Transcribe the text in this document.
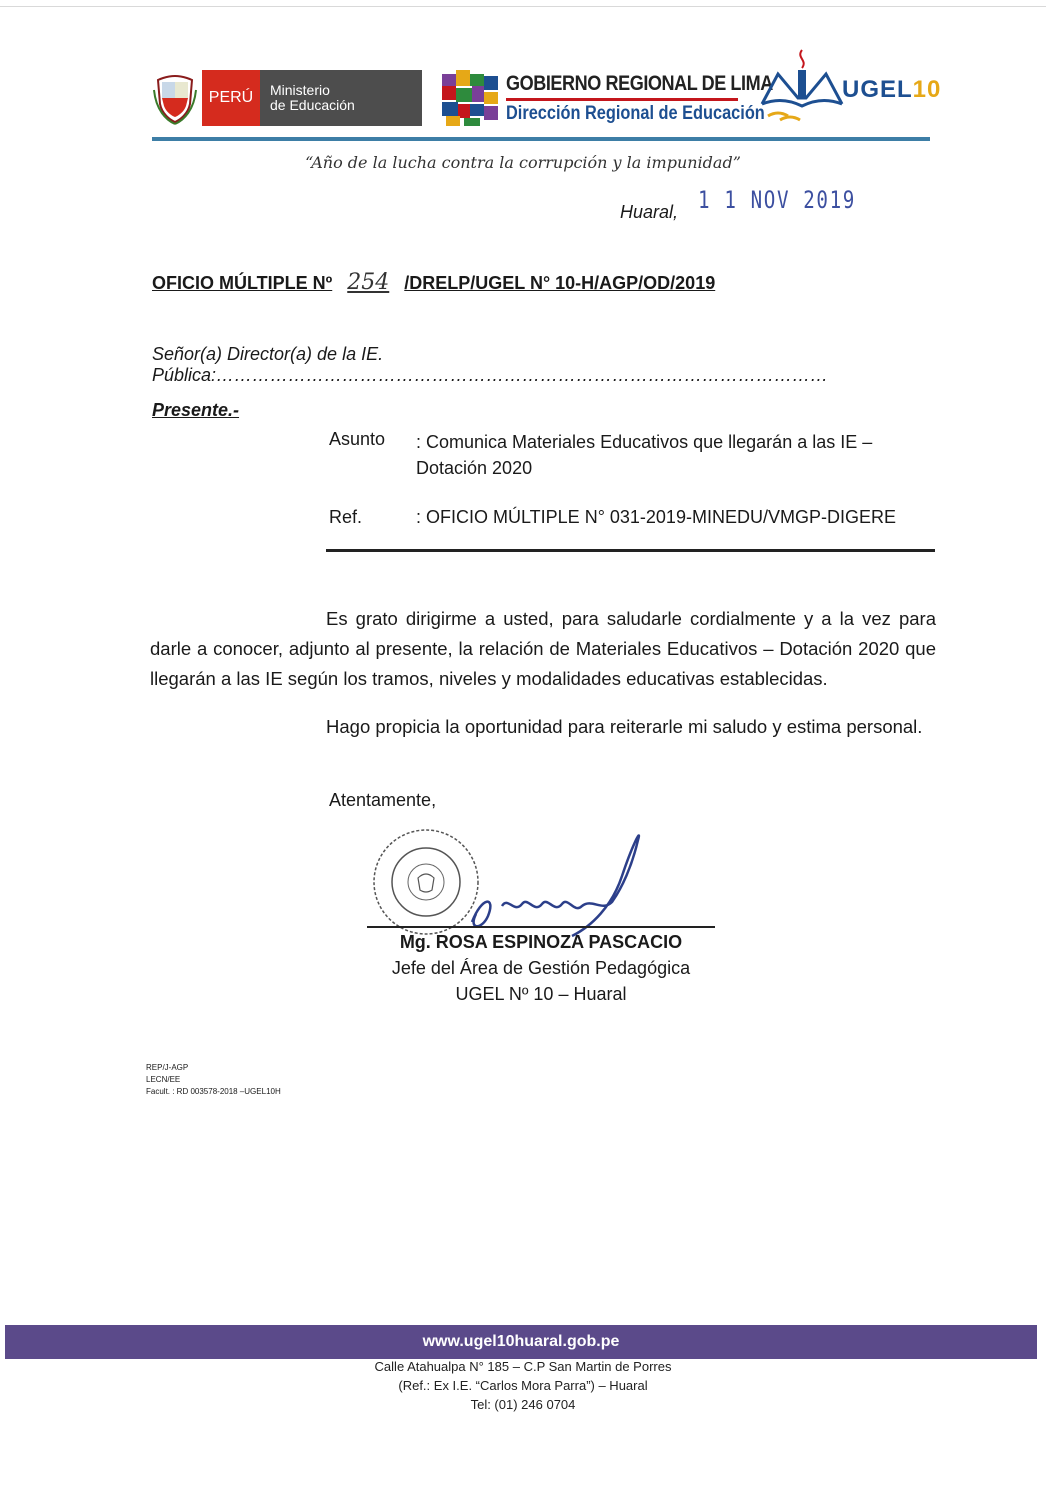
PERÚ	Ministerio
de Educación
GOBIERNO REGIONAL DE LIMA
Dirección Regional de Educación
UGEL10
“Año de la lucha contra la corrupción y la impunidad”
Huaral, 1 1 NOV 2019
OFICIO MÚLTIPLE Nº 254 /DRELP/UGEL N° 10-H/AGP/OD/2019
Señor(a) Director(a) de la IE. Pública:…………………………………………………………………………………………
Presente.-
Asunto : Comunica Materiales Educativos que llegarán a las IE – Dotación 2020
Ref.	: OFICIO MÚLTIPLE N° 031-2019-MINEDU/VMGP-DIGERE
Es grato dirigirme a usted, para saludarle cordialmente y a la vez para darle a conocer, adjunto al presente, la relación de Materiales Educativos – Dotación 2020 que llegarán a las IE según los tramos, niveles y modalidades educativas establecidas.
Hago propicia la oportunidad para reiterarle mi saludo y estima personal.
Atentamente,
Mg. ROSA ESPINOZA PASCACIO
Jefe del Área de Gestión Pedagógica
UGEL Nº 10 – Huaral
REP/J-AGP
LECN/EE
Facult. : RD 003578-2018 –UGEL10H
www.ugel10huaral.gob.pe
Calle Atahualpa N° 185 – C.P San Martin de Porres
(Ref.: Ex I.E. “Carlos Mora Parra”) – Huaral
Tel: (01) 246 0704
